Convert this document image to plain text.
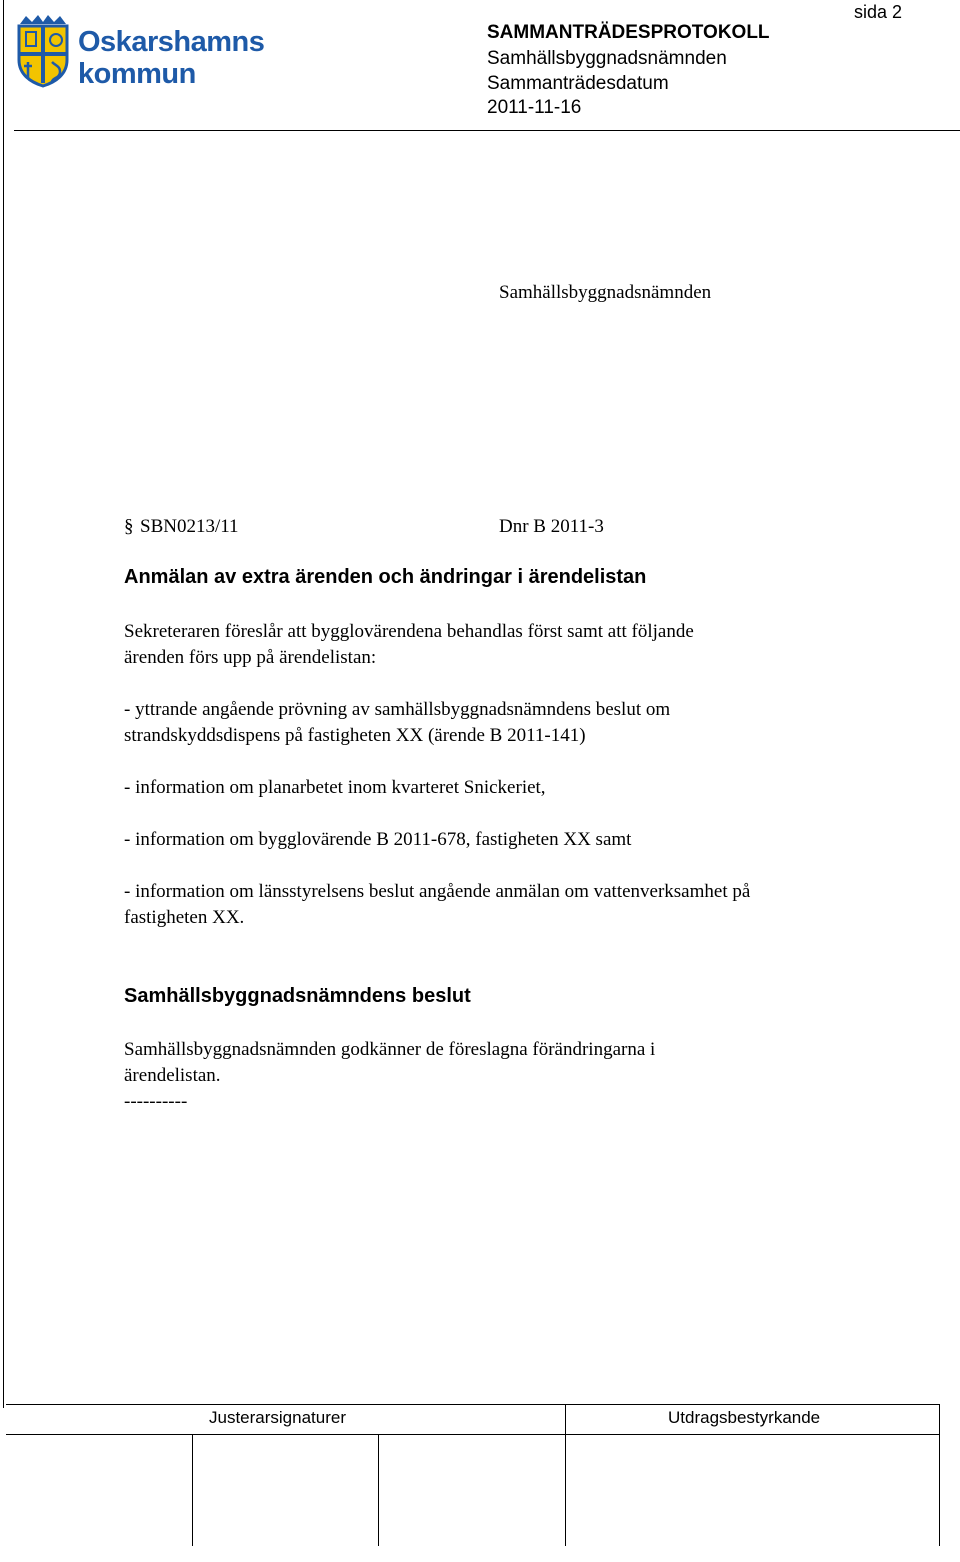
Oskarshamns
kommun
sida 2
SAMMANTRÄDESPROTOKOLL
Samhällsbyggnadsnämnden
Sammanträdesdatum
2011-11-16
Samhällsbyggnadsnämnden
§ SBN0213/11	Dnr B 2011-3
Anmälan av extra ärenden och ändringar i ärendelistan
Sekreteraren föreslår att bygglovärendena behandlas först samt att följande
ärenden förs upp på ärendelistan:
- yttrande angående prövning av samhällsbyggnadsnämndens beslut om
strandskyddsdispens på fastigheten XX (ärende B 2011-141)
- information om planarbetet inom kvarteret Snickeriet,
- information om bygglovärende B 2011-678, fastigheten XX samt
- information om länsstyrelsens beslut angående anmälan om vattenverksamhet på
fastigheten XX.
Samhällsbyggnadsnämndens beslut
Samhällsbyggnadsnämnden godkänner de föreslagna förändringarna i
ärendelistan.
----------
Justerarsignaturer	Utdragsbestyrkande
